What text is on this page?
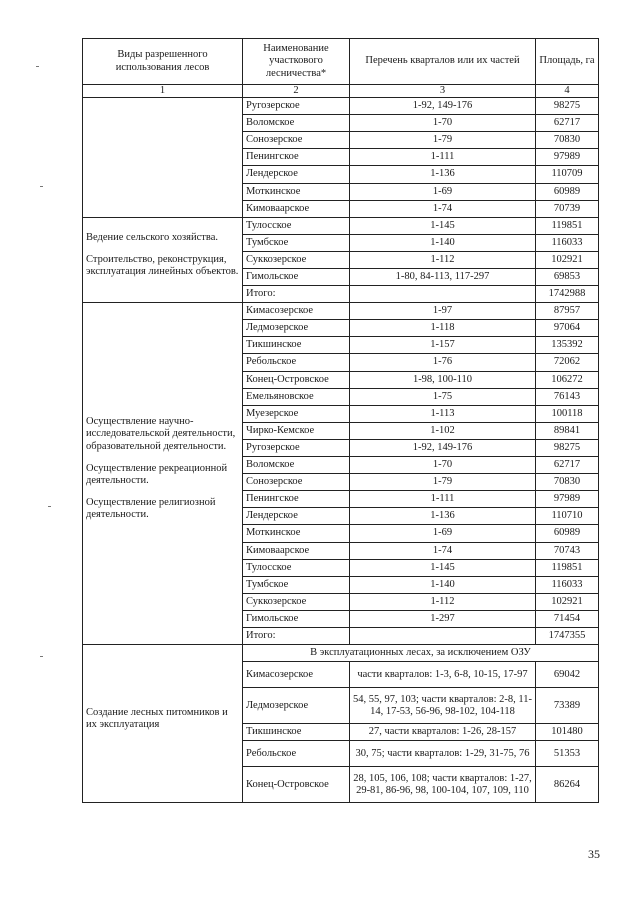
Виды разрешенного использования лесов	Наименование участкового лесничества*	Перечень кварталов или их частей	Площадь, га
1	2	3	4
	Ругозерское	1-92, 149-176	98275
	Воломское	1-70	62717
	Сонозерское	1-79	70830
	Пенингское	1-111	97989
	Лендерское	1-136	110709
	Моткинское	1-69	60989
	Кимоваарское	1-74	70739

Ведение сельского хозяйства.

Строительство, реконструкция, эксплуатация линейных объектов.	Тулосское	1-145	119851
	Тумбское	1-140	116033
	Суккозерское	1-112	102921
	Гимольское	1-80, 84-113, 117-297	69853
	Итого:		1742988

Осуществление научно-исследовательской деятельности, образовательной деятельности.

Осуществление рекреационной деятельности.

Осуществление религиозной деятельности.	Кимасозерское	1-97	87957
	Ледмозерское	1-118	97064
	Тикшинское	1-157	135392
	Ребольское	1-76	72062
	Конец-Островское	1-98, 100-110	106272
	Емельяновское	1-75	76143
	Муезерское	1-113	100118
	Чирко-Кемское	1-102	89841
	Ругозерское	1-92, 149-176	98275
	Воломское	1-70	62717
	Сонозерское	1-79	70830
	Пенингское	1-111	97989
	Лендерское	1-136	110710
	Моткинское	1-69	60989
	Кимоваарское	1-74	70743
	Тулосское	1-145	119851
	Тумбское	1-140	116033
	Суккозерское	1-112	102921
	Гимольское	1-297	71454
	Итого:		1747355

Создание лесных питомников и их эксплуатация	В эксплуатационных лесах, за исключением ОЗУ		
	Кимасозерское	части кварталов: 1-3, 6-8, 10-15, 17-97	69042
	Ледмозерское	54, 55, 97, 103; части кварталов: 2-8, 11-14, 17-53, 56-96, 98-102, 104-118	73389
	Тикшинское	27, части кварталов: 1-26, 28-157	101480
	Ребольское	30, 75; части кварталов: 1-29, 31-75, 76	51353
	Конец-Островское	28, 105, 106, 108; части кварталов: 1-27, 29-81, 86-96, 98, 100-104, 107, 109, 110	86264
35
